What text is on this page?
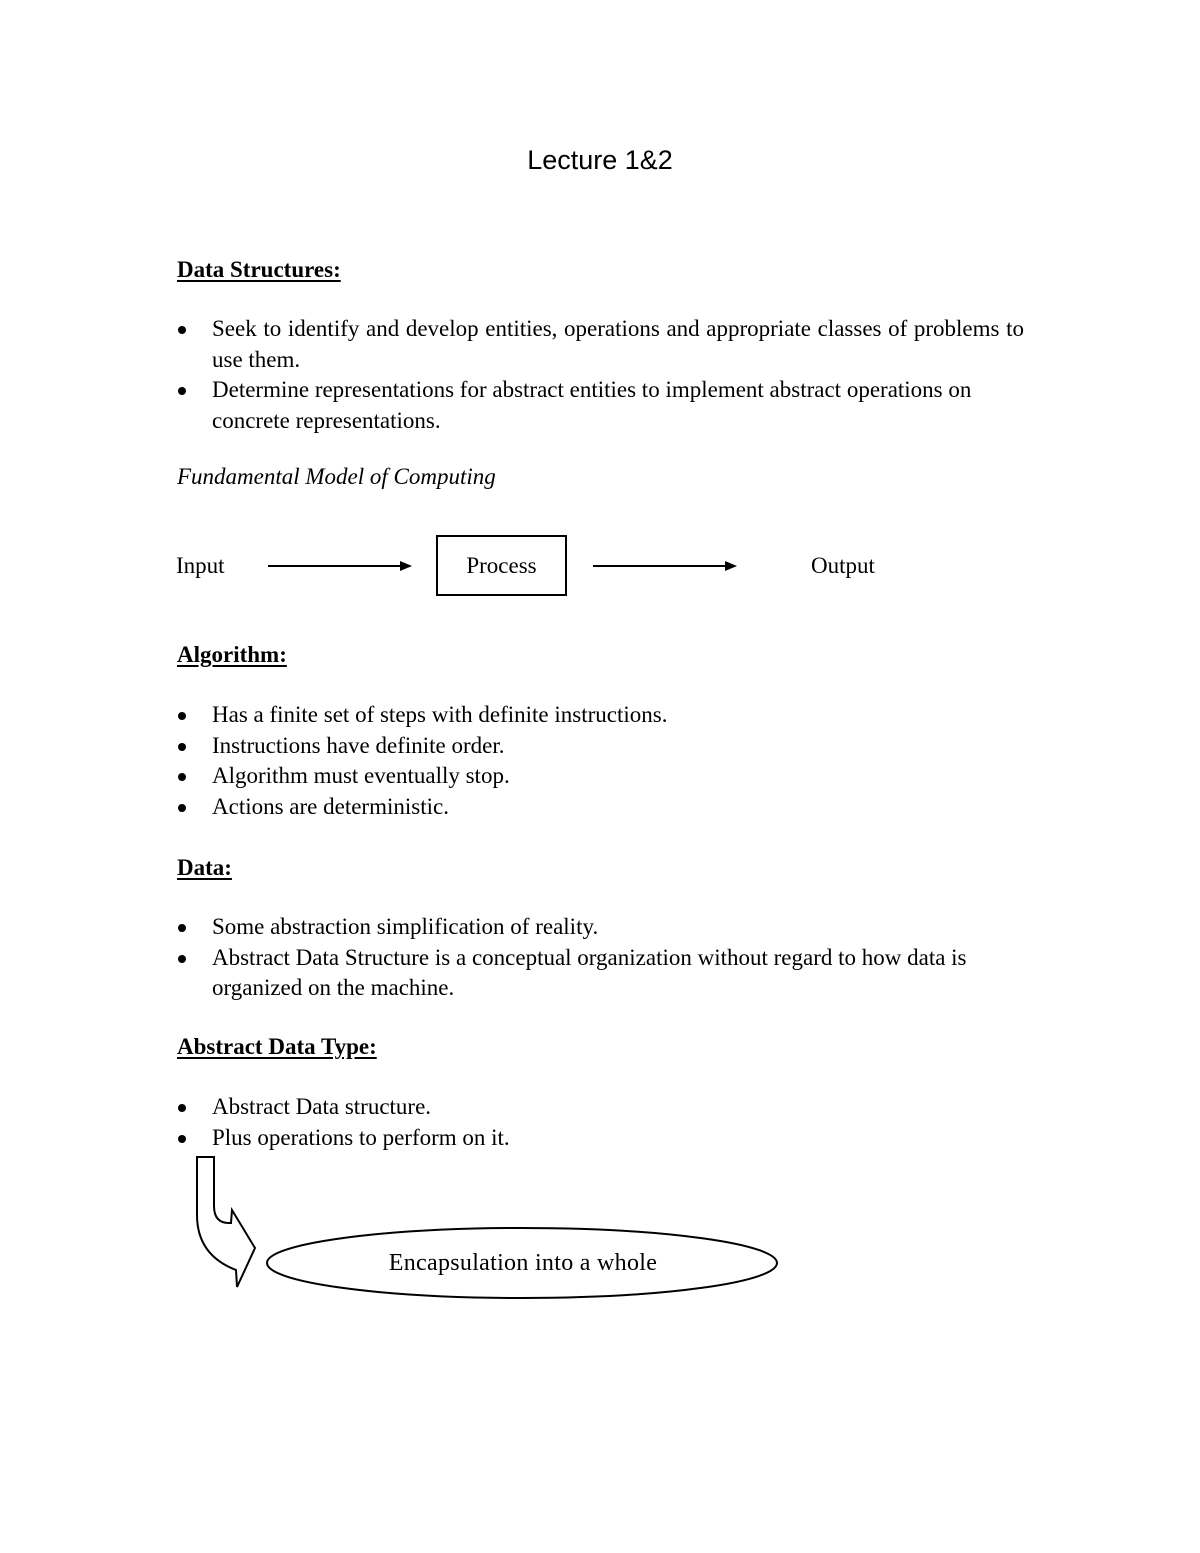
Lecture 1&2
Data Structures:
Seek to identify and develop entities, operations and appropriate classes of problems to use them.
Determine representations for abstract entities to implement abstract operations on concrete representations.
Fundamental Model of Computing
Input	Process	Output
Algorithm:
Has a finite set of steps with definite instructions.
Instructions have definite order.
Algorithm must eventually stop.
Actions are deterministic.
Data:
Some abstraction simplification of reality.
Abstract Data Structure is a conceptual organization without regard to how data is organized on the machine.
Abstract Data Type:
Abstract Data structure.
Plus operations to perform on it.
Encapsulation into a whole
